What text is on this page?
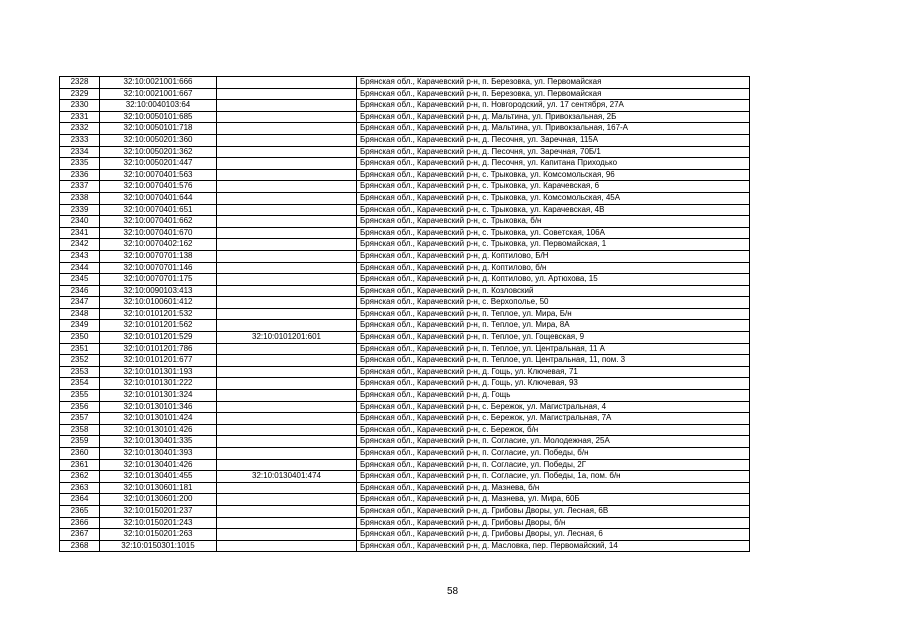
2328	32:10:0021001:666		Брянская обл., Карачевский р-н, п. Березовка, ул. Первомайская
2329	32:10:0021001:667		Брянская обл., Карачевский р-н, п. Березовка, ул. Первомайская
2330	32:10:0040103:64		Брянская обл., Карачевский р-н, п. Новгородский, ул. 17 сентября, 27А
2331	32:10:0050101:685		Брянская обл., Карачевский р-н, д. Мальтина, ул. Привокзальная, 2Б
2332	32:10:0050101:718		Брянская обл., Карачевский р-н, д. Мальтина, ул. Привокзальная, 167-А
2333	32:10:0050201:360		Брянская обл., Карачевский р-н, д. Песочня, ул. Заречная, 115А
2334	32:10:0050201:362		Брянская обл., Карачевский р-н, д. Песочня, ул. Заречная, 70Б/1
2335	32:10:0050201:447		Брянская обл., Карачевский р-н, д. Песочня, ул. Капитана Приходько
2336	32:10:0070401:563		Брянская обл., Карачевский р-н, с. Трыковка, ул. Комсомольская, 96
2337	32:10:0070401:576		Брянская обл., Карачевский р-н, с. Трыковка, ул. Карачевская, 6
2338	32:10:0070401:644		Брянская обл., Карачевский р-н, с. Трыковка, ул. Комсомольская, 45А
2339	32:10:0070401:651		Брянская обл., Карачевский р-н, с. Трыковка, ул. Карачевская, 4В
2340	32:10:0070401:662		Брянская обл., Карачевский р-н, с. Трыковка, б/н
2341	32:10:0070401:670		Брянская обл., Карачевский р-н, с. Трыковка, ул. Советская, 106А
2342	32:10:0070402:162		Брянская обл., Карачевский р-н, с. Трыковка, ул. Первомайская, 1
2343	32:10:0070701:138		Брянская обл., Карачевский р-н, д. Коптилово, Б/Н
2344	32:10:0070701:146		Брянская обл., Карачевский р-н, д. Коптилово, б/н
2345	32:10:0070701:175		Брянская обл., Карачевский р-н, д. Коптилово, ул. Артюхова, 15
2346	32:10:0090103:413		Брянская обл., Карачевский р-н, п. Козловский
2347	32:10:0100601:412		Брянская обл., Карачевский р-н, с. Верхополье, 50
2348	32:10:0101201:532		Брянская обл., Карачевский р-н, п. Теплое, ул. Мира, Б/н
2349	32:10:0101201:562		Брянская обл., Карачевский р-н, п. Теплое, ул. Мира, 8А
2350	32:10:0101201:529	32:10:0101201:601	Брянская обл., Карачевский р-н, п. Теплое, ул. Гощевская, 9
2351	32:10:0101201:786		Брянская обл., Карачевский р-н, п. Теплое, ул. Центральная, 11 А
2352	32:10:0101201:677		Брянская обл., Карачевский р-н, п. Теплое, ул. Центральная, 11, пом. 3
2353	32:10:0101301:193		Брянская обл., Карачевский р-н, д. Гощь, ул. Ключевая, 71
2354	32:10:0101301:222		Брянская обл., Карачевский р-н, д. Гощь, ул. Ключевая, 93
2355	32:10:0101301:324		Брянская обл., Карачевский р-н, д. Гощь
2356	32:10:0130101:346		Брянская обл., Карачевский р-н, с. Бережок, ул. Магистральная, 4
2357	32:10:0130101:424		Брянская обл., Карачевский р-н, с. Бережок, ул. Магистральная, 7А
2358	32:10:0130101:426		Брянская обл., Карачевский р-н, с. Бережок, б/н
2359	32:10:0130401:335		Брянская обл., Карачевский р-н, п. Согласие, ул. Молодежная, 25А
2360	32:10:0130401:393		Брянская обл., Карачевский р-н, п. Согласие, ул. Победы, б/н
2361	32:10:0130401:426		Брянская обл., Карачевский р-н, п. Согласие, ул. Победы, 2Г
2362	32:10:0130401:455	32:10:0130401:474	Брянская обл., Карачевский р-н, п. Согласие, ул. Победы, 1а, пом. б/н
2363	32:10:0130601:181		Брянская обл., Карачевский р-н, д. Мазнева, б/н
2364	32:10:0130601:200		Брянская обл., Карачевский р-н, д. Мазнева, ул. Мира, 60Б
2365	32:10:0150201:237		Брянская обл., Карачевский р-н, д. Грибовы Дворы, ул. Лесная, 6В
2366	32:10:0150201:243		Брянская обл., Карачевский р-н, д. Грибовы Дворы, б/н
2367	32:10:0150201:263		Брянская обл., Карачевский р-н, д. Грибовы Дворы, ул. Лесная, 6
2368	32:10:0150301:1015		Брянская обл., Карачевский р-н, д. Масловка, пер. Первомайский, 14
58
